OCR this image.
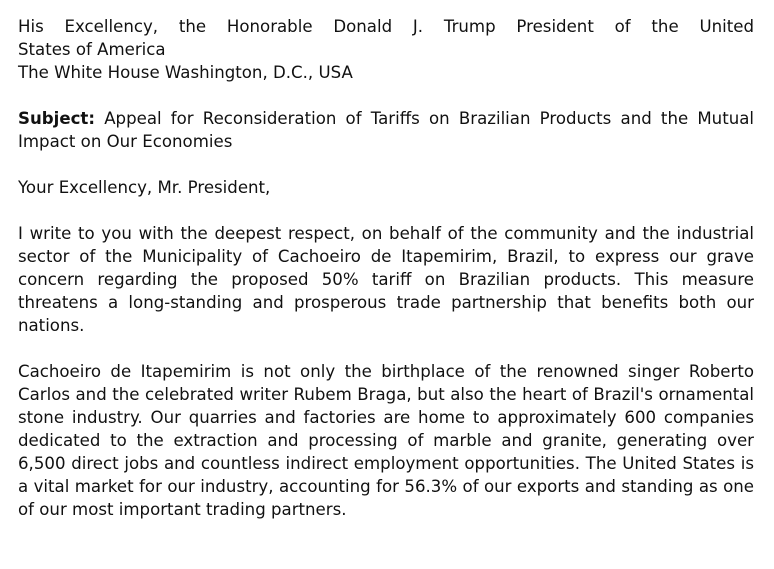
His Excellency, the Honorable Donald J. Trump President of the United
States of America
The White House Washington, D.C., USA
Subject: Appeal for Reconsideration of Tariffs on Brazilian Products and the Mutual Impact on Our Economies
Your Excellency, Mr. President,
I write to you with the deepest respect, on behalf of the community and the industrial sector of the Municipality of Cachoeiro de Itapemirim, Brazil, to express our grave concern regarding the proposed 50% tariff on Brazilian products. This measure threatens a long-standing and prosperous trade partnership that benefits both our nations.
Cachoeiro de Itapemirim is not only the birthplace of the renowned singer Roberto Carlos and the celebrated writer Rubem Braga, but also the heart of Brazil's ornamental stone industry. Our quarries and factories are home to approximately 600 companies dedicated to the extraction and processing of marble and granite, generating over 6,500 direct jobs and countless indirect employment opportunities. The United States is a vital market for our industry, accounting for 56.3% of our exports and standing as one of our most important trading partners.
